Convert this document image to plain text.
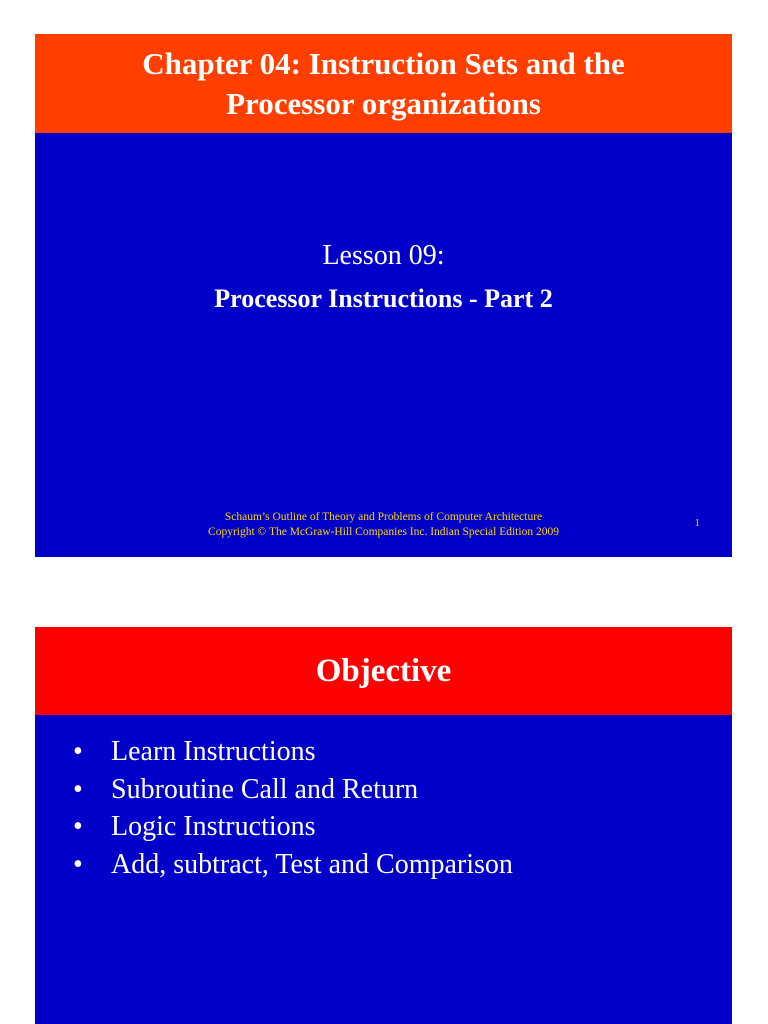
Chapter 04: Instruction Sets and the
Processor organizations
Lesson 09:
Processor Instructions - Part 2
Schaum’s Outline of Theory and Problems of Computer Architecture
Copyright © The McGraw-Hill Companies Inc. Indian Special Edition 2009
1
Objective
•	Learn Instructions
•	Subroutine Call and Return
•	Logic Instructions
•	Add, subtract, Test and Comparison
